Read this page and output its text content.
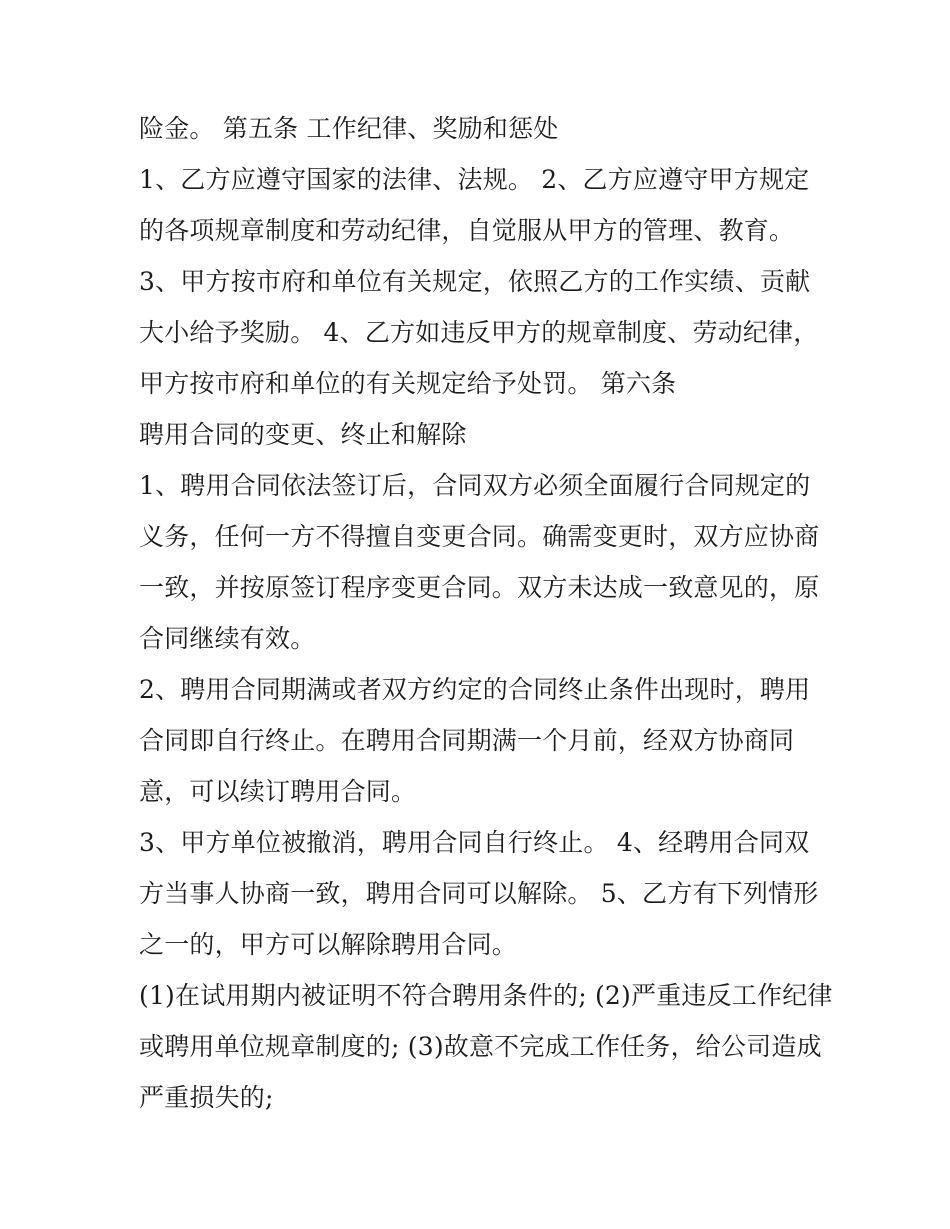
险金。 第五条 工作纪律、奖励和惩处
1、乙方应遵守国家的法律、法规。 2、乙方应遵守甲方规定
的各项规章制度和劳动纪律，自觉服从甲方的管理、教育。
3、甲方按市府和单位有关规定，依照乙方的工作实绩、贡献
大小给予奖励。 4、乙方如违反甲方的规章制度、劳动纪律，
甲方按市府和单位的有关规定给予处罚。 第六条
聘用合同的变更、终止和解除
1、聘用合同依法签订后，合同双方必须全面履行合同规定的
义务，任何一方不得擅自变更合同。确需变更时，双方应协商
一致，并按原签订程序变更合同。双方未达成一致意见的，原
合同继续有效。
2、聘用合同期满或者双方约定的合同终止条件出现时，聘用
合同即自行终止。在聘用合同期满一个月前，经双方协商同
意，可以续订聘用合同。
3、甲方单位被撤消，聘用合同自行终止。 4、经聘用合同双
方当事人协商一致，聘用合同可以解除。 5、乙方有下列情形
之一的，甲方可以解除聘用合同。
(1)在试用期内被证明不符合聘用条件的; (2)严重违反工作纪律
或聘用单位规章制度的; (3)故意不完成工作任务，给公司造成
严重损失的;
